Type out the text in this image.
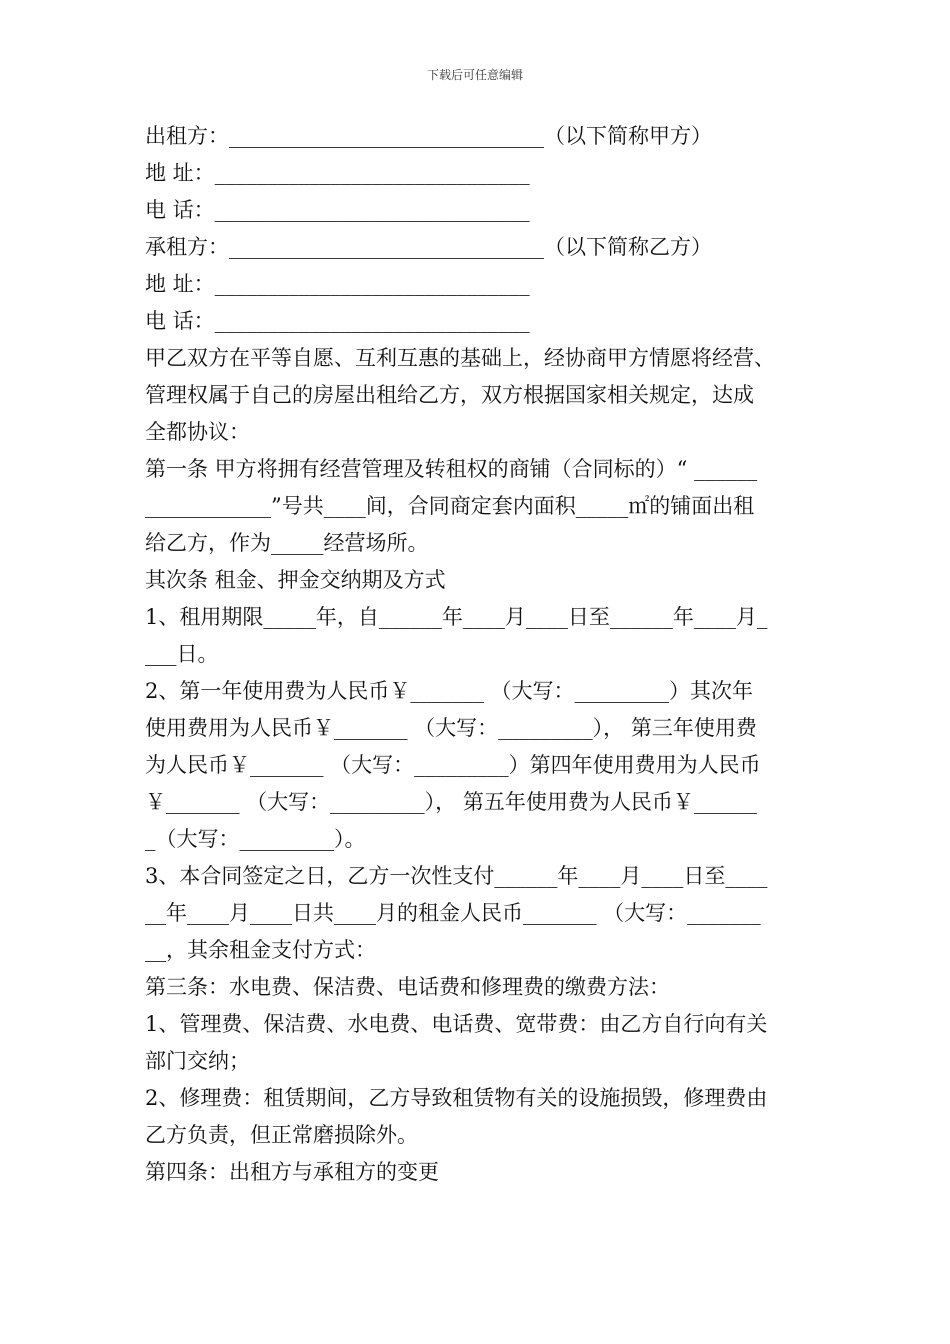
下载后可任意编辑
出租方：______________________________（以下简称甲方）
地 址：______________________________
电 话：______________________________
承租方：______________________________（以下简称乙方）
地 址：______________________________
电 话：______________________________
甲乙双方在平等自愿、互利互惠的基础上，经协商甲方情愿将经营、
管理权属于自己的房屋出租给乙方，双方根据国家相关规定，达成
全都协议：
第一条 甲方将拥有经营管理及转租权的商铺（合同标的）“ ______
____________”号共____间，合同商定套内面积_____㎡的铺面出租
给乙方，作为_____经营场所。
其次条 租金、押金交纳期及方式
1、租用期限_____年，自______年____月____日至______年____月_
___日。
2、第一年使用费为人民币￥_______ （大写：_________）其次年
使用费用为人民币￥_______ （大写：_________）， 第三年使用费
为人民币￥_______ （大写：_________）第四年使用费用为人民币
￥_______ （大写：_________）， 第五年使用费为人民币￥______
_（大写：_________）。
3、本合同签定之日，乙方一次性支付______年____月____日至____
__年____月____日共____月的租金人民币_______ （大写：_______
__，其余租金支付方式：
第三条：水电费、保洁费、电话费和修理费的缴费方法：
1、管理费、保洁费、水电费、电话费、宽带费：由乙方自行向有关
部门交纳；
2、修理费：租赁期间，乙方导致租赁物有关的设施损毁，修理费由
乙方负责，但正常磨损除外。
第四条：出租方与承租方的变更
